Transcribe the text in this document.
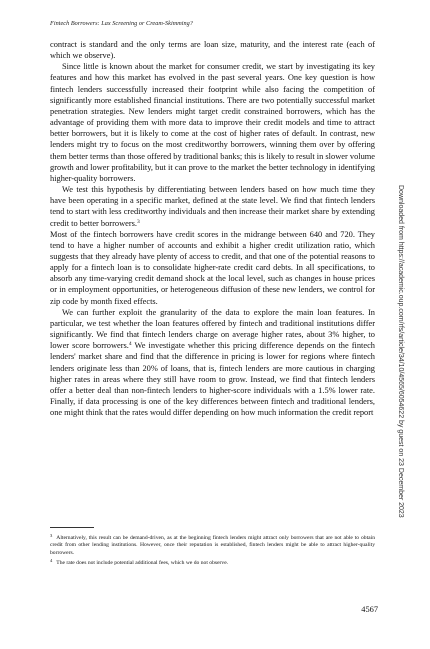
Fintech Borrowers: Lax Screening or Cream-Skimming?

contract is standard and the only terms are loan size, maturity, and the interest rate (each of which we observe).

Since little is known about the market for consumer credit, we start by investigating its key features and how this market has evolved in the past several years. One key question is how fintech lenders successfully increased their footprint while also facing the competition of significantly more established financial institutions. There are two potentially successful market penetration strategies. New lenders might target credit constrained borrowers, which has the advantage of providing them with more data to improve their credit models and time to attract better borrowers, but it is likely to come at the cost of higher rates of default. In contrast, new lenders might try to focus on the most creditworthy borrowers, winning them over by offering them better terms than those offered by traditional banks; this is likely to result in slower volume growth and lower profitability, but it can prove to the market the better technology in identifying higher-quality borrowers.

We test this hypothesis by differentiating between lenders based on how much time they have been operating in a specific market, defined at the state level. We find that fintech lenders tend to start with less creditworthy individuals and then increase their market share by extending credit to better borrowers.$^3$

Most of the fintech borrowers have credit scores in the midrange between 640 and 720. They tend to have a higher number of accounts and exhibit a higher credit utilization ratio, which suggests that they already have plenty of access to credit, and that one of the potential reasons to apply for a fintech loan is to consolidate higher-rate credit card debts. In all specifications, to absorb any time-varying credit demand shock at the local level, such as changes in house prices or in employment opportunities, or heterogeneous diffusion of these new lenders, we control for zip code by month fixed effects.

We can further exploit the granularity of the data to explore the main loan features. In particular, we test whether the loan features offered by fintech and traditional institutions differ significantly. We find that fintech lenders charge on average higher rates, about 3% higher, to lower score borrowers.$^4$ We investigate whether this pricing difference depends on the fintech lenders' market share and find that the difference in pricing is lower for regions where fintech lenders originate less than 20% of loans, that is, fintech lenders are more cautious in charging higher rates in areas where they still have room to grow. Instead, we find that fintech lenders offer a better deal than non-fintech lenders to higher-score individuals with a 1.5% lower rate. Finally, if data processing is one of the key differences between fintech and traditional lenders, one might think that the rates would differ depending on how much information the credit report

$^3$ Alternatively, this result can be demand-driven, as at the beginning fintech lenders might attract only borrowers that are not able to obtain credit from other lending institutions. However, once their reputation is established, fintech lenders might be able to attract higher-quality borrowers.
$^4$ The rate does not include potential additional fees, which we do not observe.
4567
Downloaded from https://academic.oup.com/rfs/article/34/10/4565/6054622 by guest on 23 December 2023
